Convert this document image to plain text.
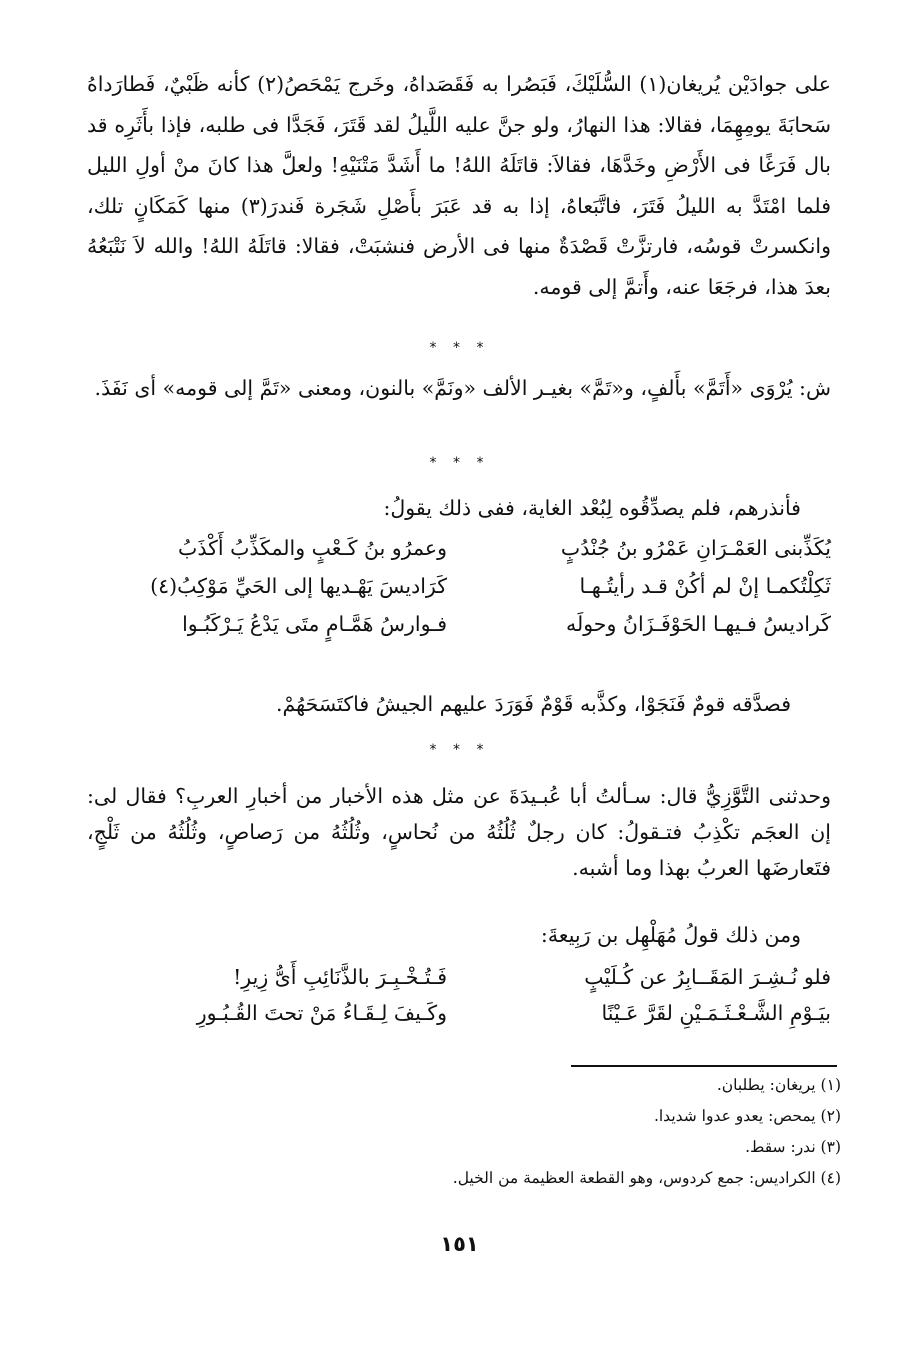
على جوادَيْن يُريغان(١) السُّلَيْكَ، فَبَصُرا به فَقَصَداهُ، وخَرج يَمْحَصُ(٢) كأنه ظَبْيٌ، فَطارَداهُ سَحابَةَ يومِهِمَا، فقالا: هذا النهارُ، ولو جنَّ عليه اللَّيلُ لقد قَتَرَ، فَجَدَّا فى طلبه، فإذا بأَثَرِه قد بال فَرَغًا فى الأَرْضِ وخَدَّهَا، فقالاَ: قاتَلَهُ اللهُ! ما أَشَدَّ مَتْنَيْهِ! ولعلَّ هذا كانَ منْ أولِ الليل فلما امْتَدَّ به الليلُ فَتَرَ، فاتَّبَعاهُ، إذا به قد عَبَرَ بأَصْلِ شَجَرة فَندرَ(٣) منها كَمَكَانٍ تلك، وانكسرتْ قوسُه، فارتزَّتْ قَصْدَةٌ منها فى الأرض فنشبَتْ، فقالا: قاتَلَهُ اللهُ! والله لاَ نَتْبَعُهُ بعدَ هذا، فرجَعَا عنه، وأَتمَّ إلى قومه.
* * *
ش: يُرْوَى «أَتَمَّ» بأَلفٍ، و«تَمَّ» بغيـر الألف «ونَمَّ» بالنون، ومعنى «تَمَّ إلى قومه» أى نَفَذَ.
* * *
فأنذرهم، فلم يصدِّقُوه لِبُعْد الغاية، ففى ذلك يقولُ:
يُكَذِّبنى العَمْـرَانِ عَمْرُو بنُ جُنْدُبٍ
وعمرُو بنُ كَـعْبٍ والمكَذِّبُ أَكْذَبُ
ثَكِلْتُكمـا إنْ لم أكُنْ قـد رأيتُـهـا
كَرَاديسَ يَهْـديها إلى الحَيِّ مَوْكِبُ(٤)
كَراديسُ فـيهـا الحَوْفَـزَانُ وحولَه
فـوارسُ هَمَّـامٍ متَى يَدْعُ يَـرْكَبُـوا
فصدَّقه قومٌ فَنَجَوْا، وكذَّبه قَوْمٌ فَوَرَدَ عليهم الجيشُ فاكتَسَحَهُمْ.
* * *
وحدثنى التَّوَّزِيُّ قال: سـألتُ أبا عُبـيدَةَ عن مثل هذه الأخبار من أخبارِ العربِ؟ فقال لى: إن العجَم تكْذِبُ فتـقولُ: كان رجلٌ ثُلُثُهُ من نُحاسٍ، وثُلُثُهُ من رَصاصٍ، وثُلُثُهُ من ثَلْجٍ، فتَعارضَها العربُ بهذا وما أشبه.
ومن ذلك قولُ مُهَلْهِل بن رَبِيعةَ:
فلو نُـشِـرَ المَقَــابِرُ عن كُـلَيْبٍ
فَـتُـخْـبِـرَ بالذَّنَائِبِ أَىُّ زِيرِ!
بيَـوْمِ الشَّـعْـثَـمَـيْنِ لقَرَّ عَـيْنًا
وكَـيفَ لِـقَـاءُ مَنْ تحتَ القُـبُـورِ
(١) يريغان: يطلبان.
(٢) يمحص: يعدو عدوا شديدا.
(٣) ندر: سقط.
(٤) الكراديس: جمع كردوس، وهو القطعة العظيمة من الخيل.
١٥١
